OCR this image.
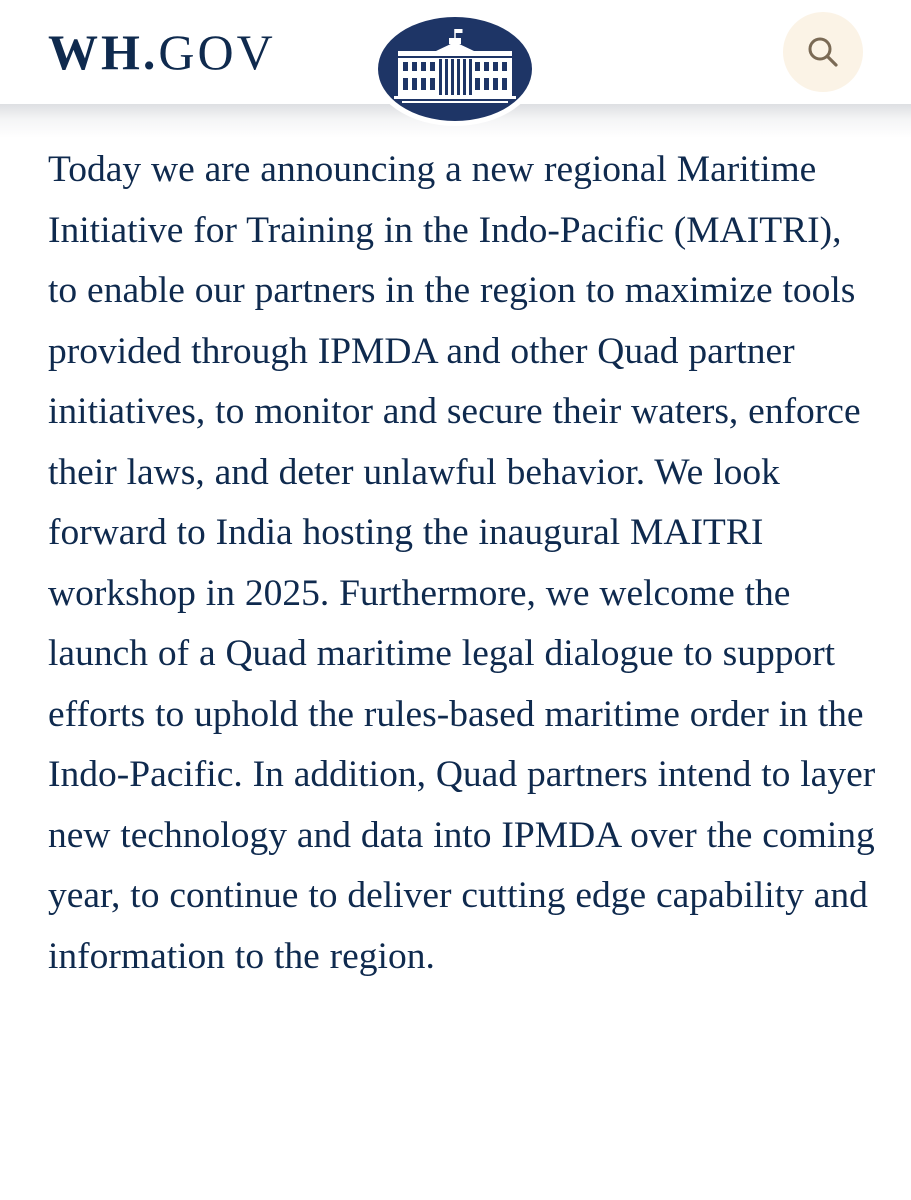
WH.GOV

Today we are announcing a new regional Maritime Initiative for Training in the Indo-Pacific (MAITRI), to enable our partners in the region to maximize tools provided through IPMDA and other Quad partner initiatives, to monitor and secure their waters, enforce their laws, and deter unlawful behavior. We look forward to India hosting the inaugural MAITRI workshop in 2025. Furthermore, we welcome the launch of a Quad maritime legal dialogue to support efforts to uphold the rules-based maritime order in the Indo-Pacific. In addition, Quad partners intend to layer new technology and data into IPMDA over the coming year, to continue to deliver cutting edge capability and information to the region.
